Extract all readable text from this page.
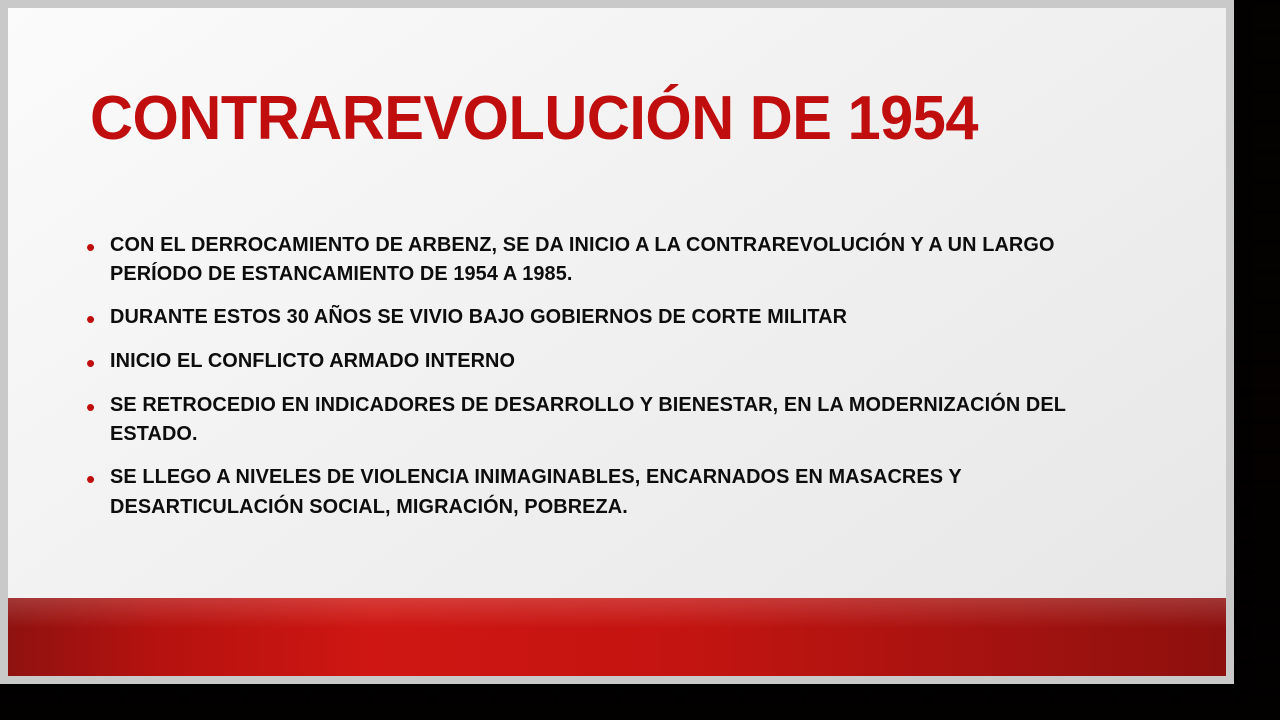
CONTRAREVOLUCIÓN DE 1954
• CON EL DERROCAMIENTO DE ARBENZ, SE DA INICIO A LA CONTRAREVOLUCIÓN Y A UN LARGO PERÍODO DE ESTANCAMIENTO DE 1954 A 1985.
• DURANTE ESTOS 30 AÑOS SE VIVIO BAJO GOBIERNOS DE CORTE MILITAR
• INICIO EL CONFLICTO ARMADO INTERNO
• SE RETROCEDIO EN INDICADORES DE DESARROLLO Y BIENESTAR, EN LA MODERNIZACIÓN DEL ESTADO.
• SE LLEGO A NIVELES DE VIOLENCIA INIMAGINABLES, ENCARNADOS EN MASACRES Y DESARTICULACIÓN SOCIAL, MIGRACIÓN, POBREZA.
